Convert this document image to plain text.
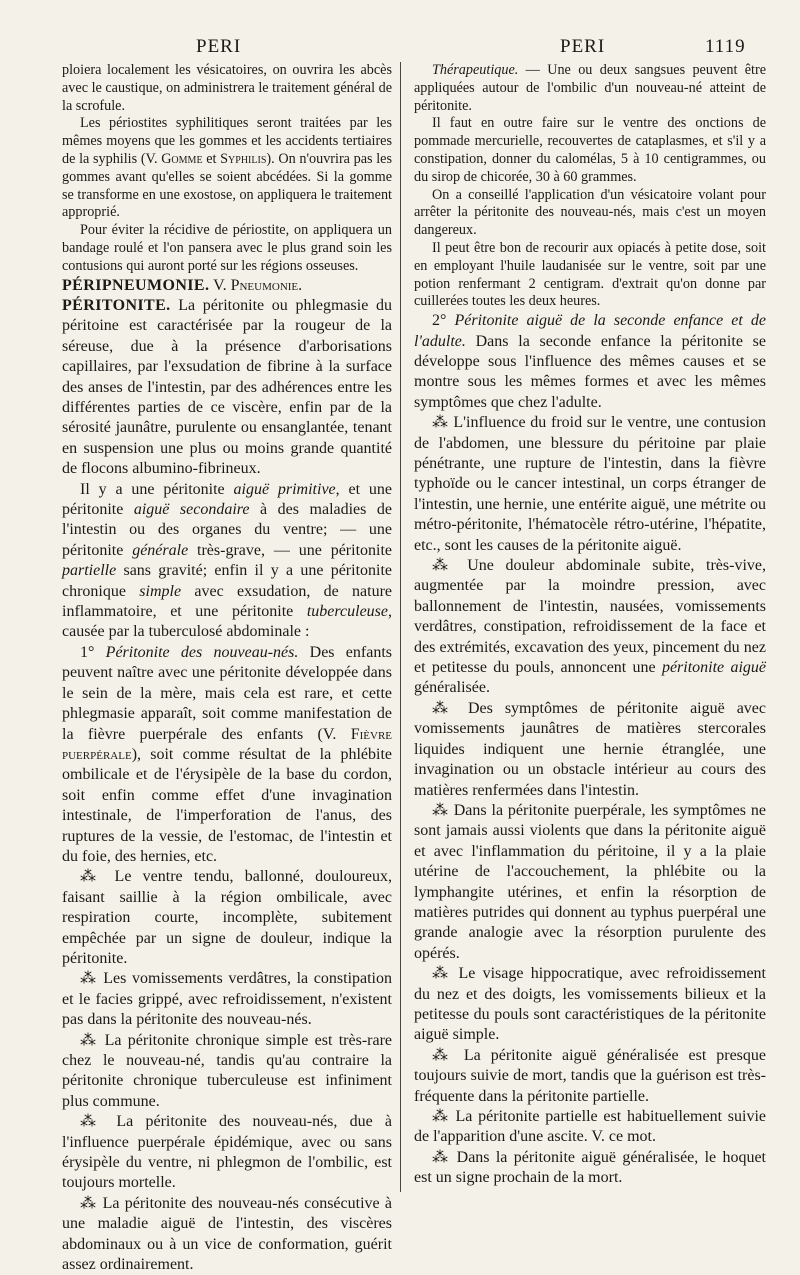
PERI	PERI	1119

ploiera localement les vésicatoires, on ouvrira les abcès avec le caustique, on administrera le traitement général de la scrofule.

Les périostites syphilitiques seront traitées par les mêmes moyens que les gommes et les accidents tertiaires de la syphilis (V. Gomme et Syphilis). On n'ouvrira pas les gommes avant qu'elles se soient abcédées. Si la gomme se transforme en une exostose, on appliquera le traitement approprié.

Pour éviter la récidive de périostite, on appliquera un bandage roulé et l'on pansera avec le plus grand soin les contusions qui auront porté sur les régions osseuses.

PÉRIPNEUMONIE. V. Pneumonie.

PÉRITONITE. La péritonite ou phlegmasie du péritoine est caractérisée par la rougeur de la séreuse, due à la présence d'arborisations capillaires, par l'exsudation de fibrine à la surface des anses de l'intestin, par des adhérences entre les différentes parties de ce viscère, enfin par de la sérosité jaunâtre, purulente ou ensanglantée, tenant en suspension une plus ou moins grande quantité de flocons albumino-fibrineux.

Il y a une péritonite aiguë primitive, et une péritonite aiguë secondaire à des maladies de l'intestin ou des organes du ventre; — une péritonite générale très-grave, — une péritonite partielle sans gravité; enfin il y a une péritonite chronique simple avec exsudation, de nature inflammatoire, et une péritonite tuberculeuse, causée par la tuberculosé abdominale :

1° Péritonite des nouveau-nés. Des enfants peuvent naître avec une péritonite développée dans le sein de la mère, mais cela est rare, et cette phlegmasie apparaît, soit comme manifestation de la fièvre puerpérale des enfants (V. Fièvre puerpérale), soit comme résultat de la phlébite ombilicale et de l'érysipèle de la base du cordon, soit enfin comme effet d'une invagination intestinale, de l'imperforation de l'anus, des ruptures de la vessie, de l'estomac, de l'intestin et du foie, des hernies, etc.

⁂ Le ventre tendu, ballonné, douloureux, faisant saillie à la région ombilicale, avec respiration courte, incomplète, subitement empêchée par un signe de douleur, indique la péritonite.

⁂ Les vomissements verdâtres, la constipation et le facies grippé, avec refroidissement, n'existent pas dans la péritonite des nouveau-nés.

⁂ La péritonite chronique simple est très-rare chez le nouveau-né, tandis qu'au contraire la péritonite chronique tuberculeuse est infiniment plus commune.

⁂ La péritonite des nouveau-nés, due à l'influence puerpérale épidémique, avec ou sans érysipèle du ventre, ni phlegmon de l'ombilic, est toujours mortelle.

⁂ La péritonite des nouveau-nés consécutive à une maladie aiguë de l'intestin, des viscères abdominaux ou à un vice de conformation, guérit assez ordinairement.

Thérapeutique. — Une ou deux sangsues peuvent être appliquées autour de l'ombilic d'un nouveau-né atteint de péritonite.

Il faut en outre faire sur le ventre des onctions de pommade mercurielle, recouvertes de cataplasmes, et s'il y a constipation, donner du calomélas, 5 à 10 centigrammes, ou du sirop de chicorée, 30 à 60 grammes.

On a conseillé l'application d'un vésicatoire volant pour arrêter la péritonite des nouveau-nés, mais c'est un moyen dangereux.

Il peut être bon de recourir aux opiacés à petite dose, soit en employant l'huile laudanisée sur le ventre, soit par une potion renfermant 2 centigram. d'extrait qu'on donne par cuillerées toutes les deux heures.

2° Péritonite aiguë de la seconde enfance et de l'adulte. Dans la seconde enfance la péritonite se développe sous l'influence des mêmes causes et se montre sous les mêmes formes et avec les mêmes symptômes que chez l'adulte.

⁂ L'influence du froid sur le ventre, une contusion de l'abdomen, une blessure du péritoine par plaie pénétrante, une rupture de l'intestin, dans la fièvre typhoïde ou le cancer intestinal, un corps étranger de l'intestin, une hernie, une entérite aiguë, une métrite ou métro-péritonite, l'hématocèle rétro-utérine, l'hépatite, etc., sont les causes de la péritonite aiguë.

⁂ Une douleur abdominale subite, très-vive, augmentée par la moindre pression, avec ballonnement de l'intestin, nausées, vomissements verdâtres, constipation, refroidissement de la face et des extrémités, excavation des yeux, pincement du nez et petitesse du pouls, annoncent une péritonite aiguë généralisée.

⁂ Des symptômes de péritonite aiguë avec vomissements jaunâtres de matières stercorales liquides indiquent une hernie étranglée, une invagination ou un obstacle intérieur au cours des matières renfermées dans l'intestin.

⁂ Dans la péritonite puerpérale, les symptômes ne sont jamais aussi violents que dans la péritonite aiguë et avec l'inflammation du péritoine, il y a la plaie utérine de l'accouchement, la phlébite ou la lymphangite utérines, et enfin la résorption de matières putrides qui donnent au typhus puerpéral une grande analogie avec la résorption purulente des opérés.

⁂ Le visage hippocratique, avec refroidissement du nez et des doigts, les vomissements bilieux et la petitesse du pouls sont caractéristiques de la péritonite aiguë simple.

⁂ La péritonite aiguë généralisée est presque toujours suivie de mort, tandis que la guérison est très-fréquente dans la péritonite partielle.

⁂ La péritonite partielle est habituellement suivie de l'apparition d'une ascite. V. ce mot.

⁂ Dans la péritonite aiguë généralisée, le hoquet est un signe prochain de la mort.
